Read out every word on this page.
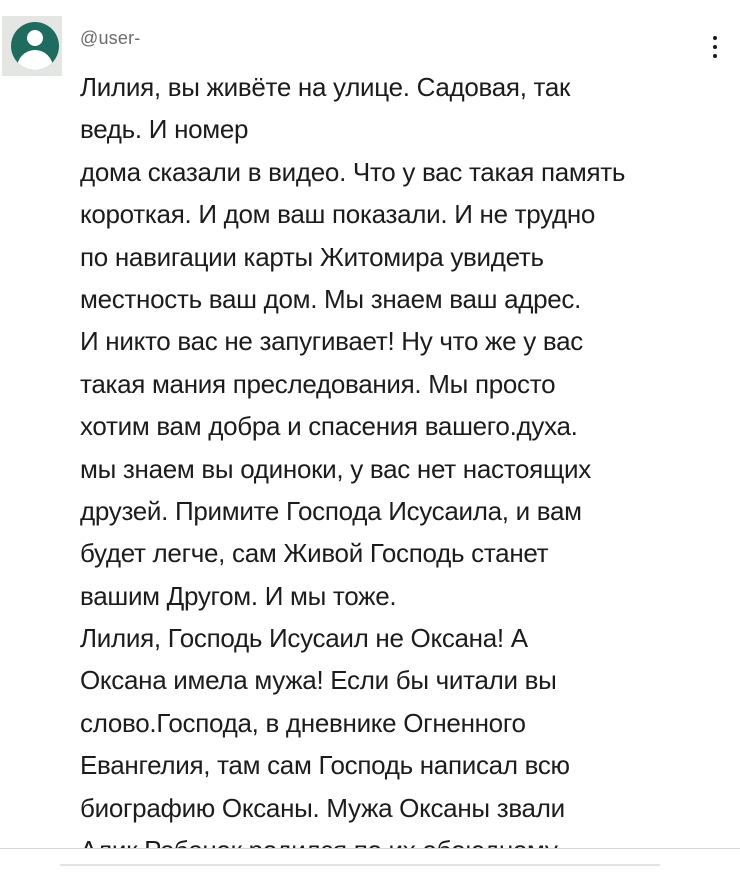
@user-
Лилия, вы живёте на улице. Садовая, так
ведь. И номер
дома сказали в видео. Что у вас такая память
короткая. И дом ваш показали. И не трудно
по навигации карты Житомира увидеть
местность ваш дом. Мы знаем ваш адрес.
И никто вас не запугивает! Ну что же у вас
такая мания преследования. Мы просто
хотим вам добра и спасения вашего.духа.
мы знаем вы одиноки, у вас нет настоящих
друзей. Примите Господа Исусаила, и вам
будет легче, сам Живой Господь станет
вашим Другом. И мы тоже.
Лилия, Господь Исусаил не Оксана! А
Оксана имела мужа! Если бы читали вы
слово.Господа, в дневнике Огненного
Евангелия, там сам Господь написал всю
биографию Оксаны. Мужа Оксаны звали
